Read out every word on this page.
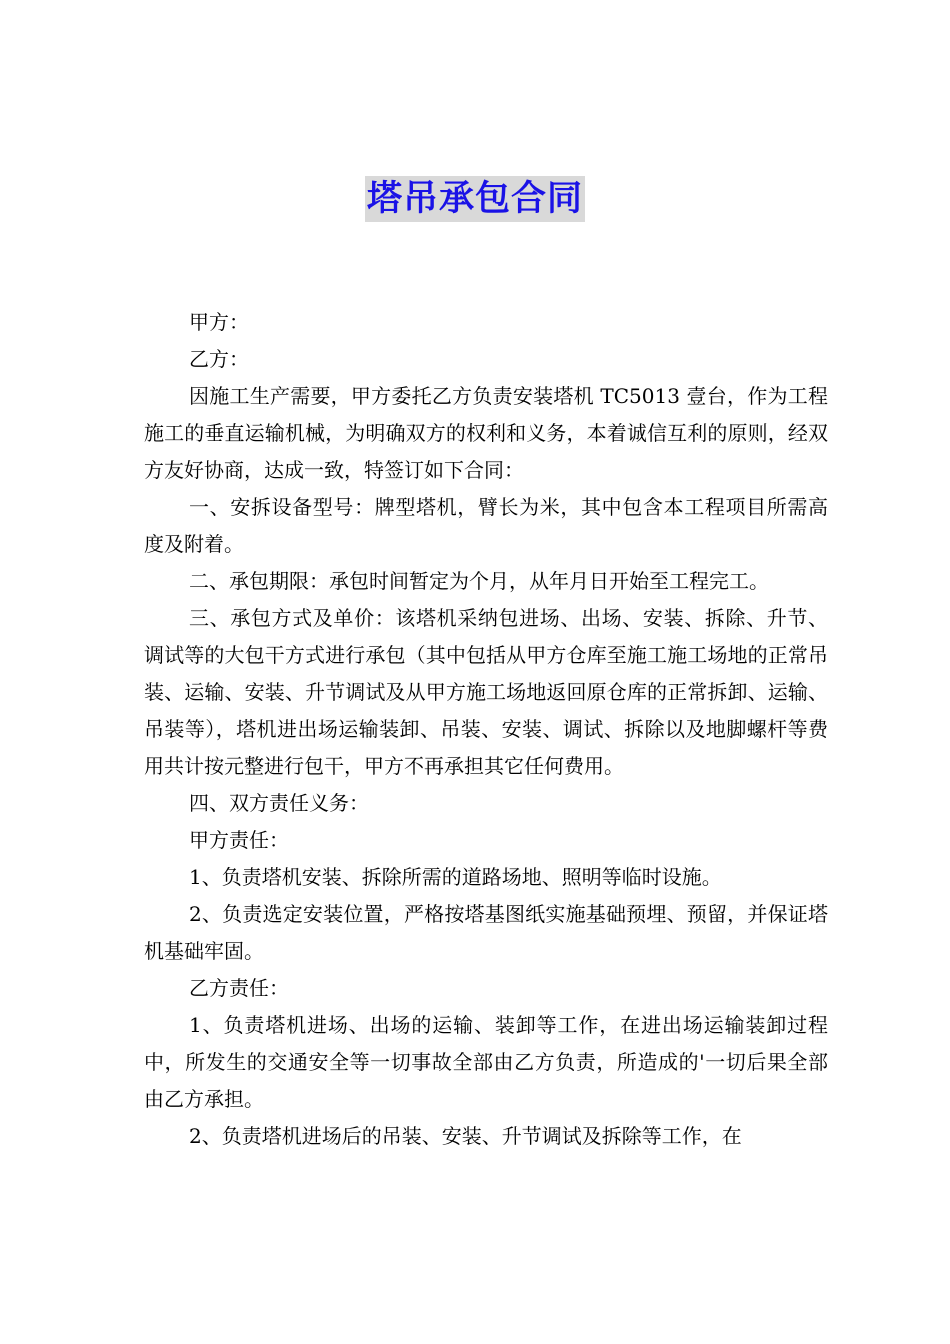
塔吊承包合同

甲方：

乙方：

因施工生产需要，甲方委托乙方负责安装塔机 TC5013 壹台，作为工程施工的垂直运输机械，为明确双方的权利和义务，本着诚信互利的原则，经双方友好协商，达成一致，特签订如下合同：

一、安拆设备型号：牌型塔机，臂长为米，其中包含本工程项目所需高度及附着。

二、承包期限：承包时间暂定为个月，从年月日开始至工程完工。

三、承包方式及单价：该塔机采纳包进场、出场、安装、拆除、升节、调试等的大包干方式进行承包（其中包括从甲方仓库至施工施工场地的正常吊装、运输、安装、升节调试及从甲方施工场地返回原仓库的正常拆卸、运输、吊装等），塔机进出场运输装卸、吊装、安装、调试、拆除以及地脚螺杆等费用共计按元整进行包干，甲方不再承担其它任何费用。

四、双方责任义务：

甲方责任：

1、负责塔机安装、拆除所需的道路场地、照明等临时设施。

2、负责选定安装位置，严格按塔基图纸实施基础预埋、预留，并保证塔机基础牢固。

乙方责任：

1、负责塔机进场、出场的运输、装卸等工作，在进出场运输装卸过程中，所发生的交通安全等一切事故全部由乙方负责，所造成的'一切后果全部由乙方承担。

2、负责塔机进场后的吊装、安装、升节调试及拆除等工作，在
